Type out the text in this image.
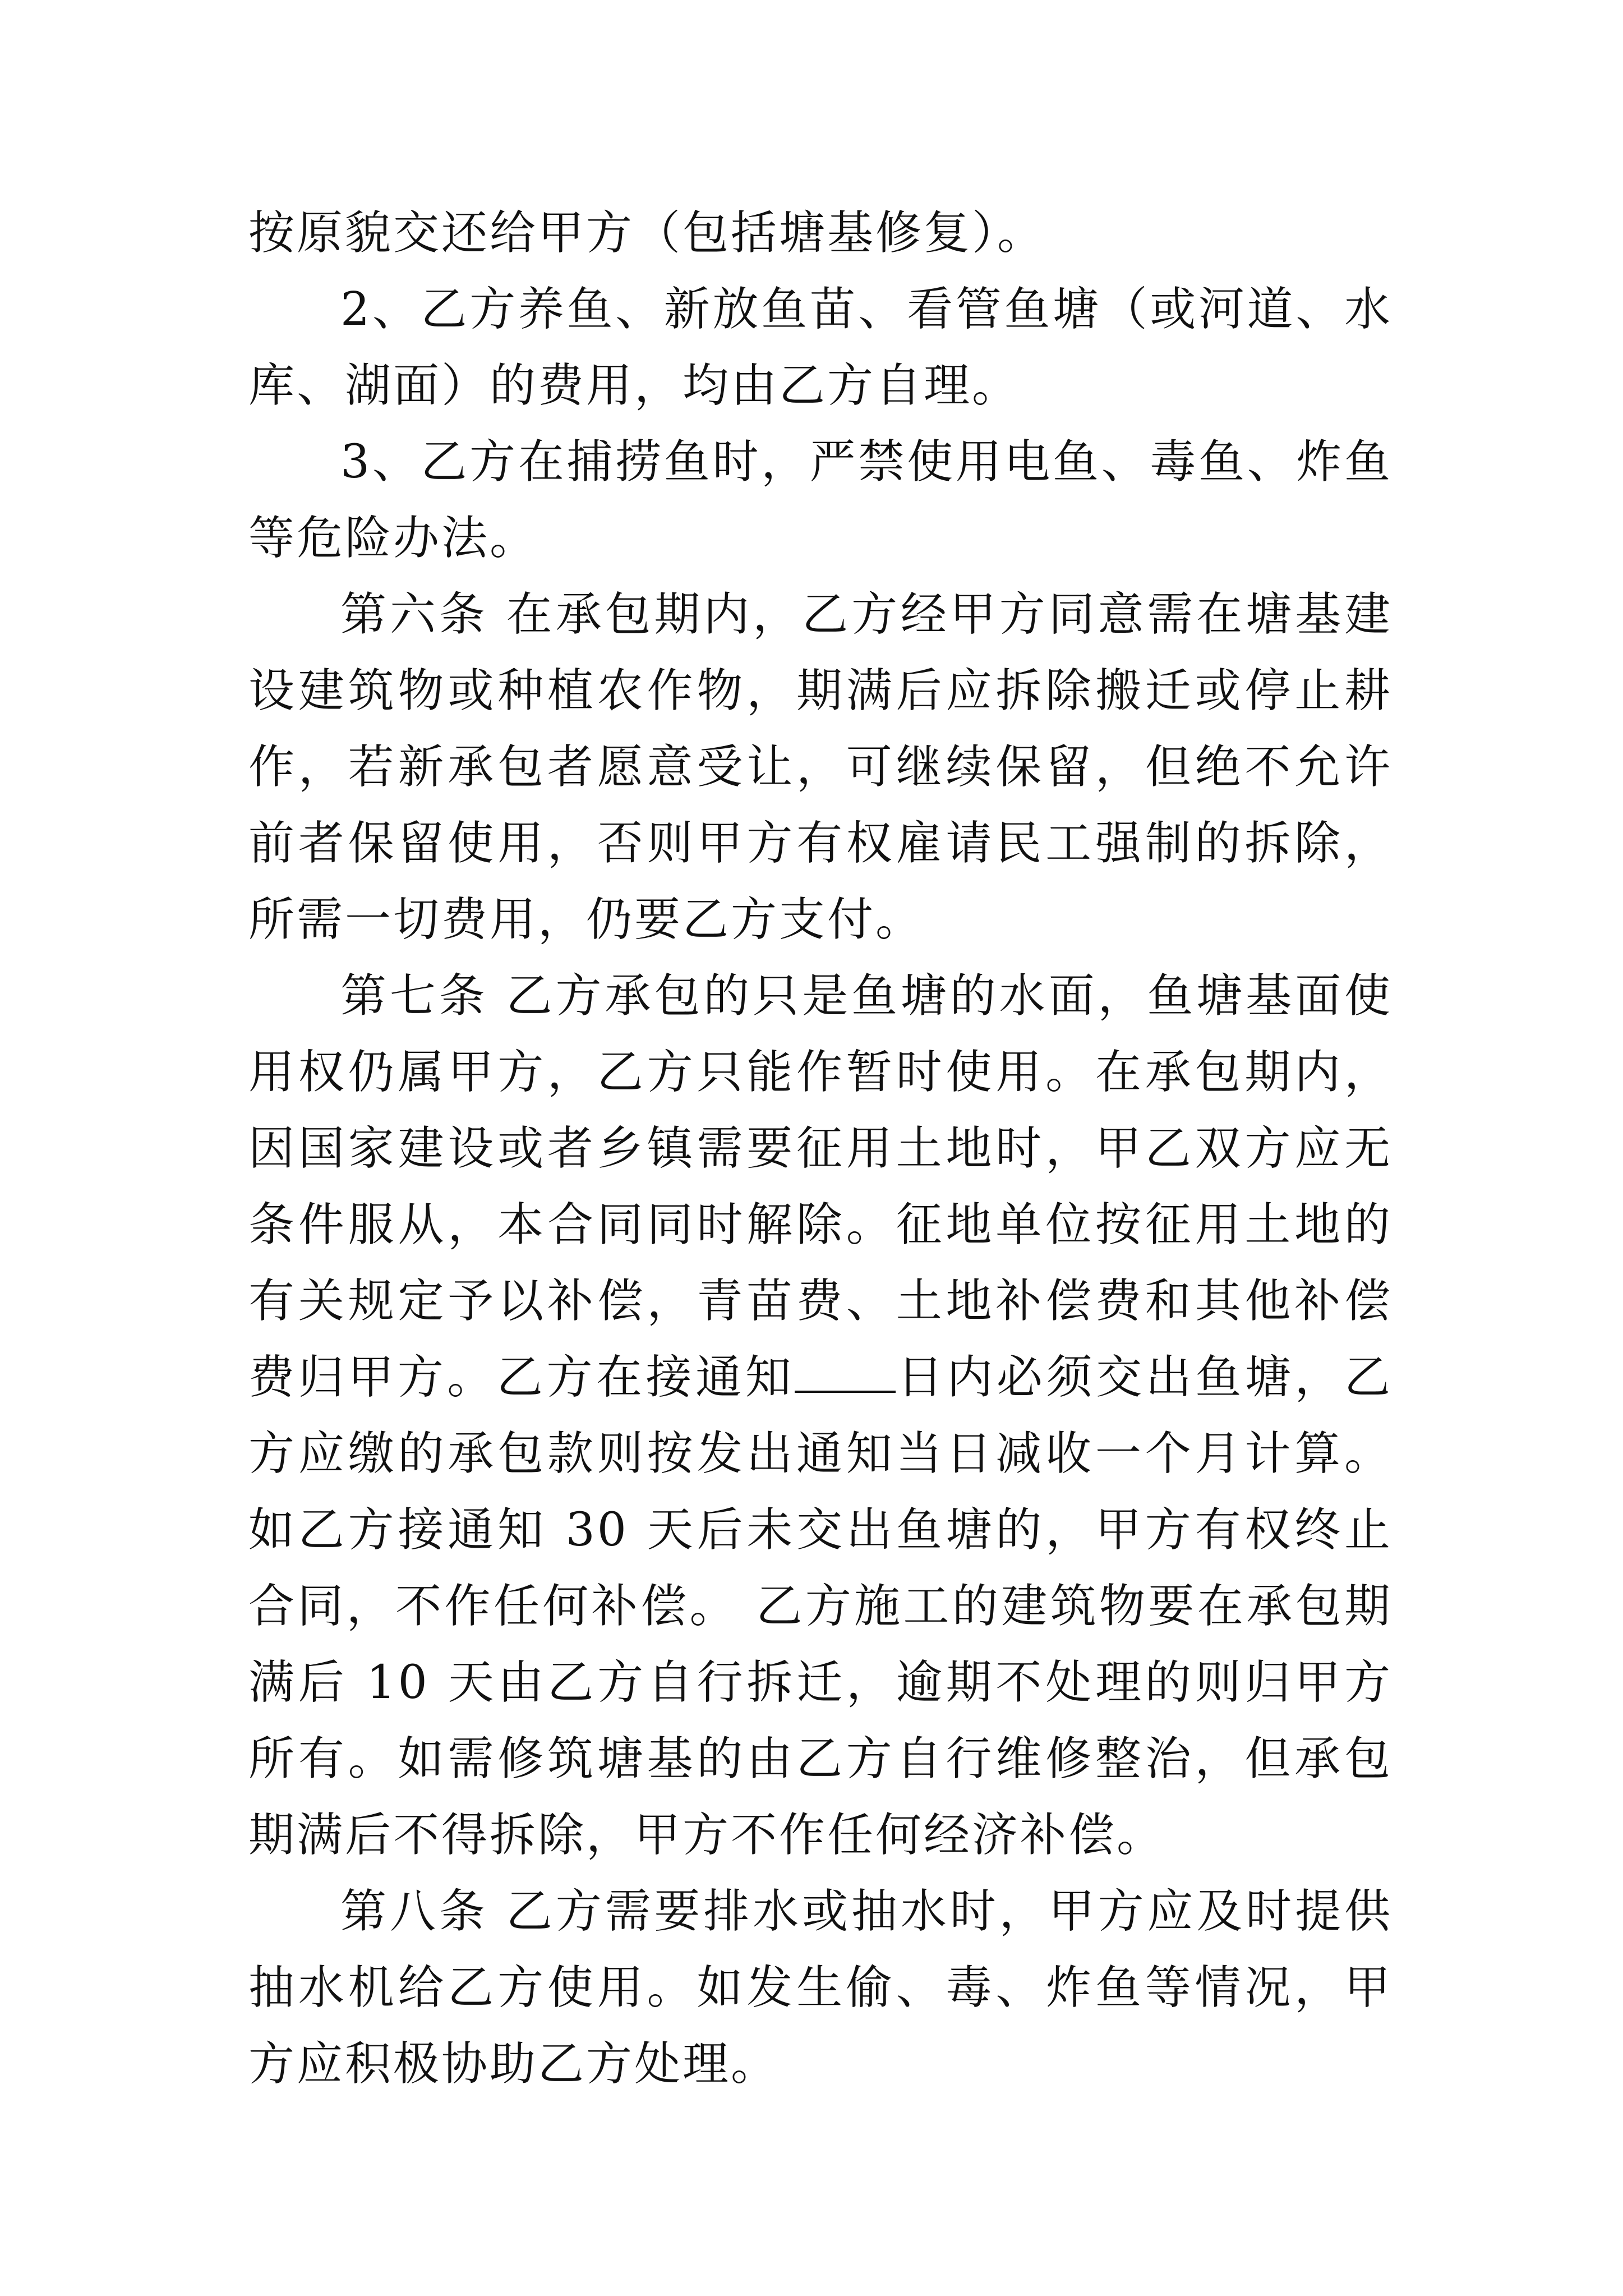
按原貌交还给甲方（包括塘基修复）。

2、乙方养鱼、新放鱼苗、看管鱼塘（或河道、水库、湖面）的费用，均由乙方自理。

3、乙方在捕捞鱼时，严禁使用电鱼、毒鱼、炸鱼等危险办法。

第六条 在承包期内，乙方经甲方同意需在塘基建设建筑物或种植农作物，期满后应拆除搬迁或停止耕作，若新承包者愿意受让，可继续保留，但绝不允许前者保留使用，否则甲方有权雇请民工强制的拆除，所需一切费用，仍要乙方支付。

第七条 乙方承包的只是鱼塘的水面，鱼塘基面使用权仍属甲方，乙方只能作暂时使用。在承包期内，因国家建设或者乡镇需要征用土地时，甲乙双方应无条件服从，本合同同时解除。征地单位按征用土地的有关规定予以补偿，青苗费、土地补偿费和其他补偿费归甲方。乙方在接通知 日内必须交出鱼塘，乙方应缴的承包款则按发出通知当日减收一个月计算。如乙方接通知 30 天后未交出鱼塘的，甲方有权终止合同，不作任何补偿。 乙方施工的建筑物要在承包期满后 10 天由乙方自行拆迁，逾期不处理的则归甲方所有。如需修筑塘基的由乙方自行维修整治，但承包期满后不得拆除，甲方不作任何经济补偿。

第八条 乙方需要排水或抽水时，甲方应及时提供抽水机给乙方使用。如发生偷、毒、炸鱼等情况，甲方应积极协助乙方处理。
